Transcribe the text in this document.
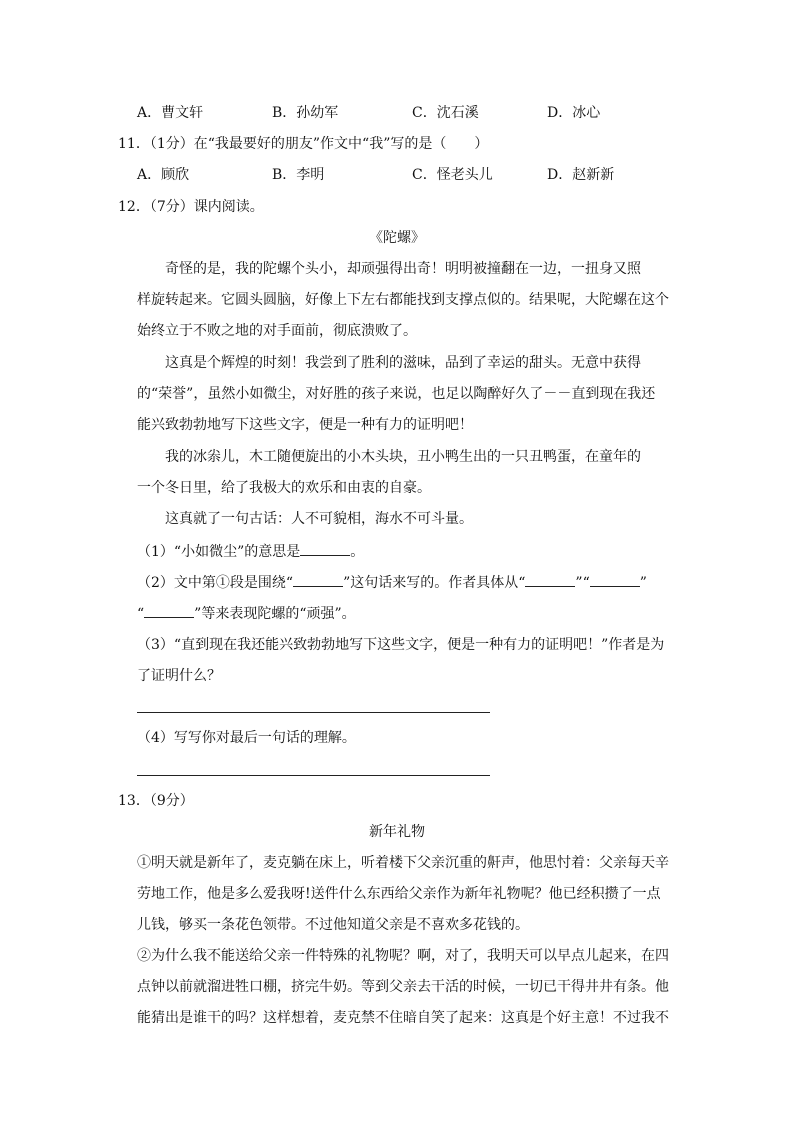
A．曹文轩	B．孙幼军	C．沈石溪	D．冰心
11．（1分）在“我最要好的朋友”作文中“我”写的是（　　）
A．顾欣	B．李明	C．怪老头儿	D．赵新新
12．（7分）课内阅读。
《陀螺》
奇怪的是，我的陀螺个头小，却顽强得出奇！明明被撞翻在一边，一扭身又照
样旋转起来。它圆头圆脑，好像上下左右都能找到支撑点似的。结果呢，大陀螺在这个
始终立于不败之地的对手面前，彻底溃败了。
这真是个辉煌的时刻！我尝到了胜利的滋味，品到了幸运的甜头。无意中获得
的“荣誉”，虽然小如微尘，对好胜的孩子来说，也足以陶醉好久了－－直到现在我还
能兴致勃勃地写下这些文字，便是一种有力的证明吧！
我的冰尜儿，木工随便旋出的小木头块，丑小鸭生出的一只丑鸭蛋，在童年的
一个冬日里，给了我极大的欢乐和由衷的自豪。
这真就了一句古话：人不可貌相，海水不可斗量。
（1）“小如微尘”的意思是	。
（2）文中第①段是围绕“	”这句话来写的。作者具体从“	”“	”
“	”等来表现陀螺的“顽强”。
（3）“直到现在我还能兴致勃勃地写下这些文字，便是一种有力的证明吧！”作者是为
了证明什么？
（4）写写你对最后一句话的理解。
13．（9分）
新年礼物
①明天就是新年了，麦克躺在床上，听着楼下父亲沉重的鼾声，他思忖着：父亲每天辛
劳地工作，他是多么爱我呀!送件什么东西给父亲作为新年礼物呢？他已经积攒了一点
儿钱，够买一条花色领带。不过他知道父亲是不喜欢多花钱的。
②为什么我不能送给父亲一件特殊的礼物呢？啊，对了，我明天可以早点儿起来，在四
点钟以前就溜进牲口棚，挤完牛奶。等到父亲去干活的时候，一切已干得井井有条。他
能猜出是谁干的吗？这样想着，麦克禁不住暗自笑了起来：这真是个好主意！不过我不
